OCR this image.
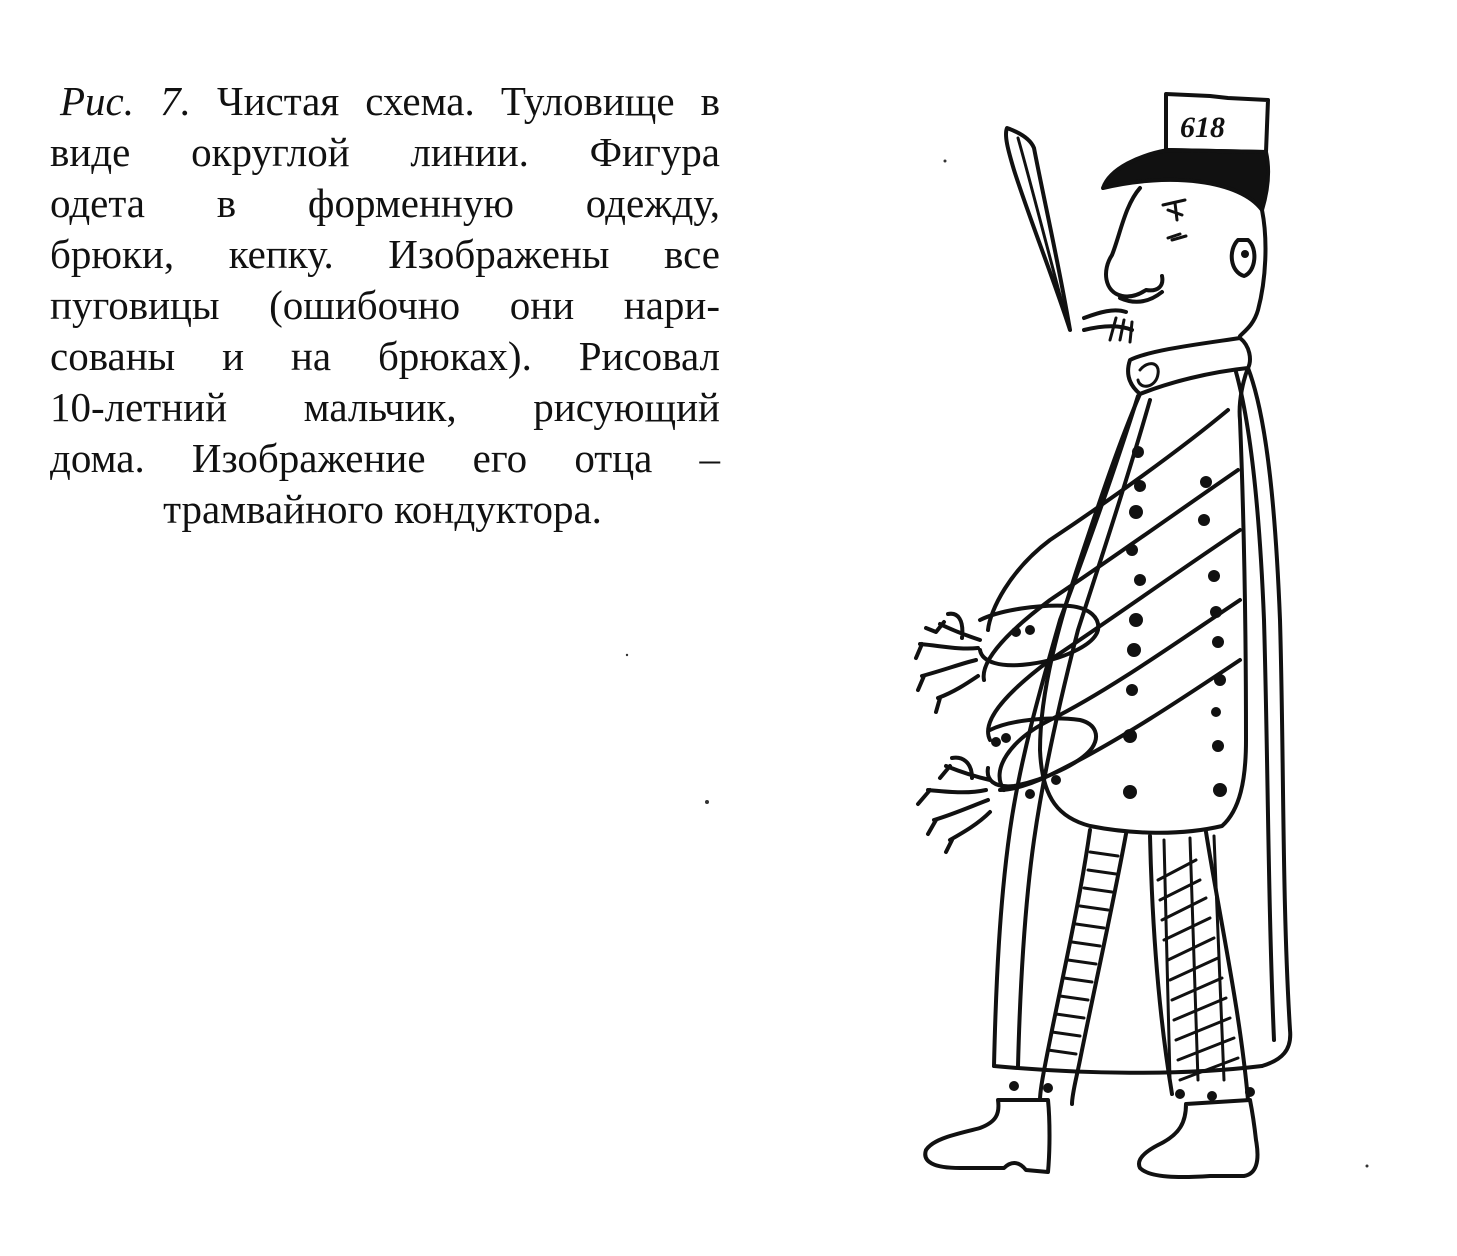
Рис. 7. Чистая схема. Туловище в
виде округлой линии. Фигура
одета в форменную одежду,
брюки, кепку. Изображены все
пуговицы (ошибочно они нари-
сованы и на брюках). Рисовал
10-летний мальчик, рисующий
дома. Изображение его отца –
трамвайного кондуктора.
618
